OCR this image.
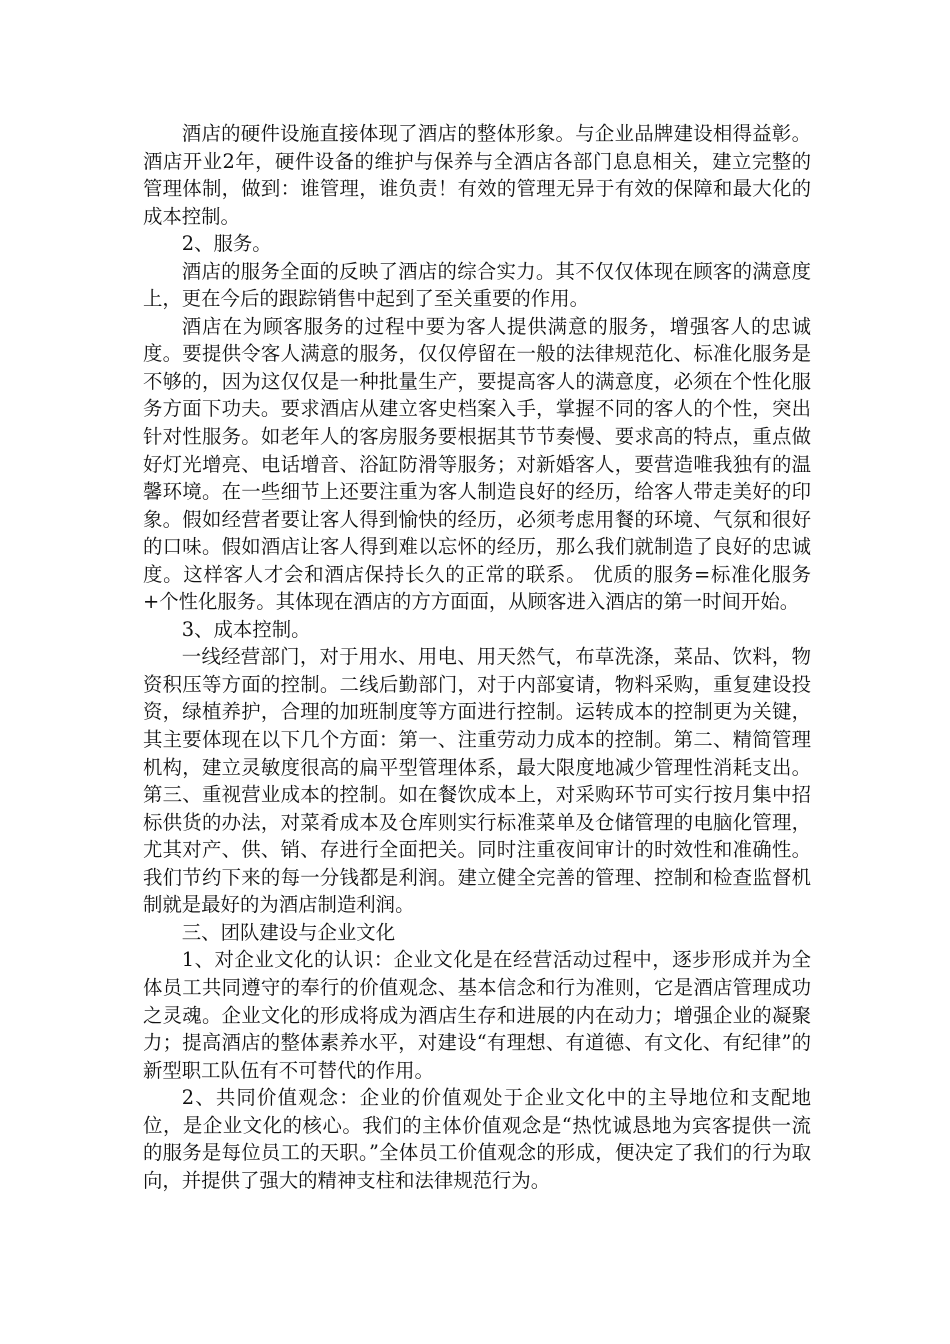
酒店的硬件设施直接体现了酒店的整体形象。与企业品牌建设相得益彰。酒店开业2年，硬件设备的维护与保养与全酒店各部门息息相关，建立完整的管理体制，做到：谁管理，谁负责！有效的管理无异于有效的保障和最大化的成本控制。

2、服务。

酒店的服务全面的反映了酒店的综合实力。其不仅仅体现在顾客的满意度上，更在今后的跟踪销售中起到了至关重要的作用。

酒店在为顾客服务的过程中要为客人提供满意的服务，增强客人的忠诚度。要提供令客人满意的服务，仅仅停留在一般的法律规范化、标准化服务是不够的，因为这仅仅是一种批量生产，要提高客人的满意度，必须在个性化服务方面下功夫。要求酒店从建立客史档案入手，掌握不同的客人的个性，突出针对性服务。如老年人的客房服务要根据其节节奏慢、要求高的特点，重点做好灯光增亮、电话增音、浴缸防滑等服务；对新婚客人，要营造唯我独有的温馨环境。在一些细节上还要注重为客人制造良好的经历，给客人带走美好的印象。假如经营者要让客人得到愉快的经历，必须考虑用餐的环境、气氛和很好的口味。假如酒店让客人得到难以忘怀的经历，那么我们就制造了良好的忠诚度。这样客人才会和酒店保持长久的正常的联系。 优质的服务=标准化服务+个性化服务。其体现在酒店的方方面面，从顾客进入酒店的第一时间开始。

3、成本控制。

一线经营部门，对于用水、用电、用天然气，布草洗涤，菜品、饮料，物资积压等方面的控制。二线后勤部门，对于内部宴请，物料采购，重复建设投资，绿植养护，合理的加班制度等方面进行控制。运转成本的控制更为关键，其主要体现在以下几个方面：第一、注重劳动力成本的控制。第二、精简管理机构，建立灵敏度很高的扁平型管理体系，最大限度地减少管理性消耗支出。第三、重视营业成本的控制。如在餐饮成本上，对采购环节可实行按月集中招标供货的办法，对菜肴成本及仓库则实行标准菜单及仓储管理的电脑化管理，尤其对产、供、销、存进行全面把关。同时注重夜间审计的时效性和准确性。我们节约下来的每一分钱都是利润。建立健全完善的管理、控制和检查监督机制就是最好的为酒店制造利润。

三、团队建设与企业文化

1、对企业文化的认识：企业文化是在经营活动过程中，逐步形成并为全体员工共同遵守的奉行的价值观念、基本信念和行为准则，它是酒店管理成功之灵魂。企业文化的形成将成为酒店生存和进展的内在动力；增强企业的凝聚力；提高酒店的整体素养水平，对建设“有理想、有道德、有文化、有纪律”的新型职工队伍有不可替代的作用。

2、共同价值观念：企业的价值观处于企业文化中的主导地位和支配地位，是企业文化的核心。我们的主体价值观念是“热忱诚恳地为宾客提供一流的服务是每位员工的天职。”全体员工价值观念的形成，便决定了我们的行为取向，并提供了强大的精神支柱和法律规范行为。
